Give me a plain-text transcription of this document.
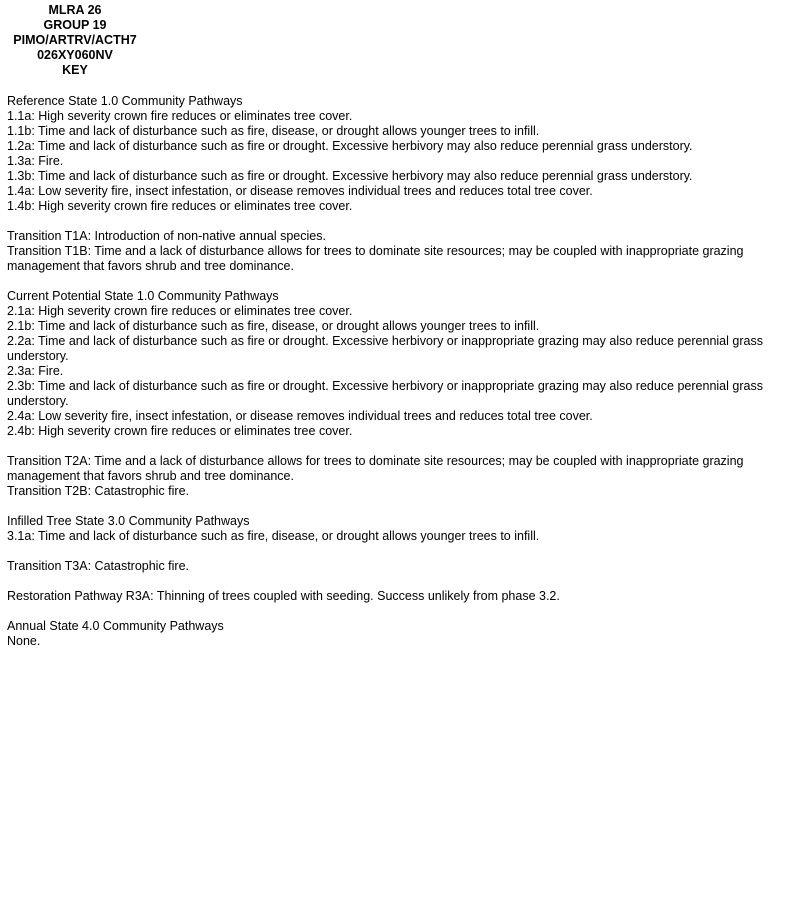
MLRA 26
GROUP 19
PIMO/ARTRV/ACTH7
026XY060NV
KEY

Reference State 1.0 Community Pathways

1.1a: High severity crown fire reduces or eliminates tree cover.

1.1b: Time and lack of disturbance such as fire, disease, or drought allows younger trees to infill.

1.2a: Time and lack of disturbance such as fire or drought. Excessive herbivory may also reduce perennial grass understory.

1.3a: Fire.

1.3b: Time and lack of disturbance such as fire or drought. Excessive herbivory may also reduce perennial grass understory.

1.4a: Low severity fire, insect infestation, or disease removes individual trees and reduces total tree cover.

1.4b: High severity crown fire reduces or eliminates tree cover.

Transition T1A: Introduction of non-native annual species.

Transition T1B: Time and a lack of disturbance allows for trees to dominate site resources; may be coupled with inappropriate grazing management that favors shrub and tree dominance.

Current Potential State 1.0 Community Pathways

2.1a: High severity crown fire reduces or eliminates tree cover.

2.1b: Time and lack of disturbance such as fire, disease, or drought allows younger trees to infill.

2.2a: Time and lack of disturbance such as fire or drought. Excessive herbivory or inappropriate grazing may also reduce perennial grass understory.

2.3a: Fire.

2.3b: Time and lack of disturbance such as fire or drought. Excessive herbivory or inappropriate grazing may also reduce perennial grass understory.

2.4a: Low severity fire, insect infestation, or disease removes individual trees and reduces total tree cover.

2.4b: High severity crown fire reduces or eliminates tree cover.

Transition T2A: Time and a lack of disturbance allows for trees to dominate site resources; may be coupled with inappropriate grazing management that favors shrub and tree dominance.

Transition T2B: Catastrophic fire.

Infilled Tree State 3.0 Community Pathways

3.1a: Time and lack of disturbance such as fire, disease, or drought allows younger trees to infill.

Transition T3A: Catastrophic fire.

Restoration Pathway R3A: Thinning of trees coupled with seeding. Success unlikely from phase 3.2.

Annual State 4.0 Community Pathways

None.
